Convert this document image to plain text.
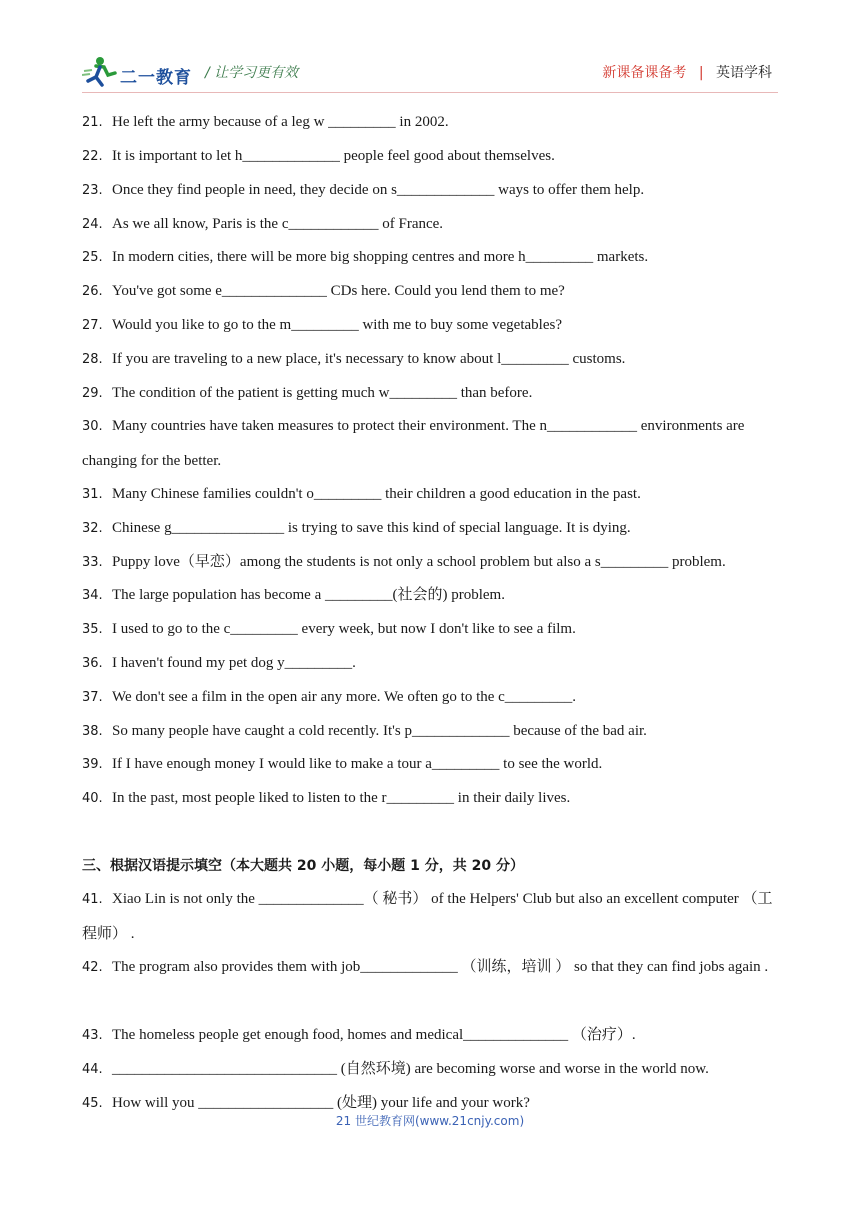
二一教育 / 让学习更有效	新课备课备考 | 英语学科
21. He left the army because of a leg w _________ in 2002.
22. It is important to let h_____________ people feel good about themselves.
23. Once they find people in need, they decide on s_____________ ways to offer them help.
24. As we all know, Paris is the c____________ of France.
25. In modern cities, there will be more big shopping centres and more h_________ markets.
26. You've got some e______________ CDs here. Could you lend them to me?
27. Would you like to go to the m_________ with me to buy some vegetables?
28. If you are traveling to a new place, it's necessary to know about l_________ customs.
29. The condition of the patient is getting much w_________ than before.
30. Many countries have taken measures to protect their environment. The n____________ environments are changing for the better.
31. Many Chinese families couldn't o_________ their children a good education in the past.
32. Chinese g_______________ is trying to save this kind of special language. It is dying.
33. Puppy love（早恋）among the students is not only a school problem but also a s_________ problem.
34. The large population has become a _________(社会的) problem.
35. I used to go to the c_________ every week, but now I don't like to see a film.
36. I haven't found my pet dog y_________.
37. We don't see a film in the open air any more. We often go to the c_________.
38. So many people have caught a cold recently. It's p_____________ because of the bad air.
39. If I have enough money I would like to make a tour a_________ to see the world.
40. In the past, most people liked to listen to the r_________ in their daily lives.
三、根据汉语提示填空（本大题共 20 小题，每小题 1 分，共 20 分）
41. Xiao Lin is not only the ______________（ 秘书） of the Helpers' Club but also an excellent computer （工程师） .
42. The program also provides them with job_____________ （训练，培训 ） so that they can find jobs again .
43. The homeless people get enough food, homes and medical______________ （治疗）.
44. ______________________________ (自然环境) are becoming worse and worse in the world now.
45. How will you __________________ (处理) your life and your work?
21 世纪教育网(www.21cnjy.com)
